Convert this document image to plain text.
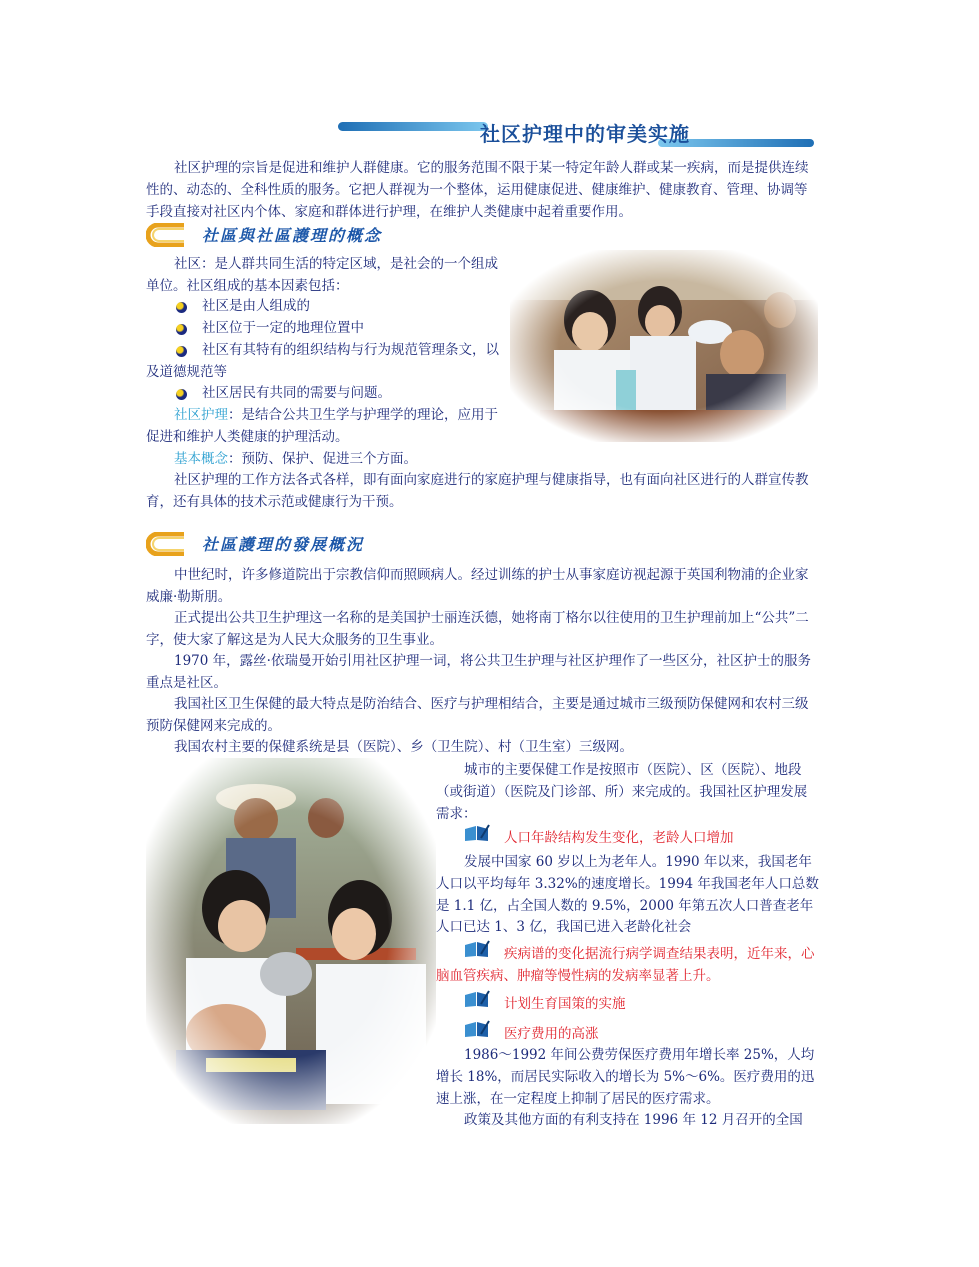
社区护理中的审美实施

社区护理的宗旨是促进和维护人群健康。它的服务范围不限于某一特定年龄人群或某一疾病，而是提供连续性的、动态的、全科性质的服务。它把人群视为一个整体，运用健康促进、健康维护、健康教育、管理、协调等手段直接对社区内个体、家庭和群体进行护理，在维护人类健康中起着重要作用。

社區與社區護理的概念

社区：是人群共同生活的特定区域，是社会的一个组成单位。社区组成的基本因素包括：

社区是由人组成的

社区位于一定的地理位置中

社区有其特有的组织结构与行为规范管理条文，以及道德规范等

社区居民有共同的需要与问题。

社区护理：是结合公共卫生学与护理学的理论，应用于促进和维护人类健康的护理活动。

基本概念：预防、保护、促进三个方面。

社区护理的工作方法各式各样，即有面向家庭进行的家庭护理与健康指导，也有面向社区进行的人群宣传教育，还有具体的技术示范或健康行为干预。

社區護理的發展概況

中世纪时，许多修道院出于宗教信仰而照顾病人。经过训练的护士从事家庭访视起源于英国利物浦的企业家威廉·勒斯朋。

正式提出公共卫生护理这一名称的是美国护士丽连沃德，她将南丁格尔以往使用的卫生护理前加上“公共”二字，使大家了解这是为人民大众服务的卫生事业。

1970 年，露丝·依瑞曼开始引用社区护理一词，将公共卫生护理与社区护理作了一些区分，社区护士的服务重点是社区。

我国社区卫生保健的最大特点是防治结合、医疗与护理相结合，主要是通过城市三级预防保健网和农村三级预防保健网来完成的。

我国农村主要的保健系统是县（医院）、乡（卫生院）、村（卫生室）三级网。

城市的主要保健工作是按照市（医院）、区（医院）、地段（或街道）（医院及门诊部、所）来完成的。我国社区护理发展需求：

人口年龄结构发生变化，老龄人口增加

发展中国家 60 岁以上为老年人。1990 年以来，我国老年人口以平均每年 3.32%的速度增长。1994 年我国老年人口总数是 1.1 亿，占全国人数的 9.5%，2000 年第五次人口普查老年人口已达 1、3 亿，我国已进入老龄化社会

疾病谱的变化据流行病学调查结果表明，近年来，心脑血管疾病、肿瘤等慢性病的发病率显著上升。

计划生育国策的实施

医疗费用的高涨

1986～1992 年间公费劳保医疗费用年增长率 25%，人均增长 18%，而居民实际收入的增长为 5%～6%。医疗费用的迅速上涨，在一定程度上抑制了居民的医疗需求。

政策及其他方面的有利支持在 1996 年 12 月召开的全国
